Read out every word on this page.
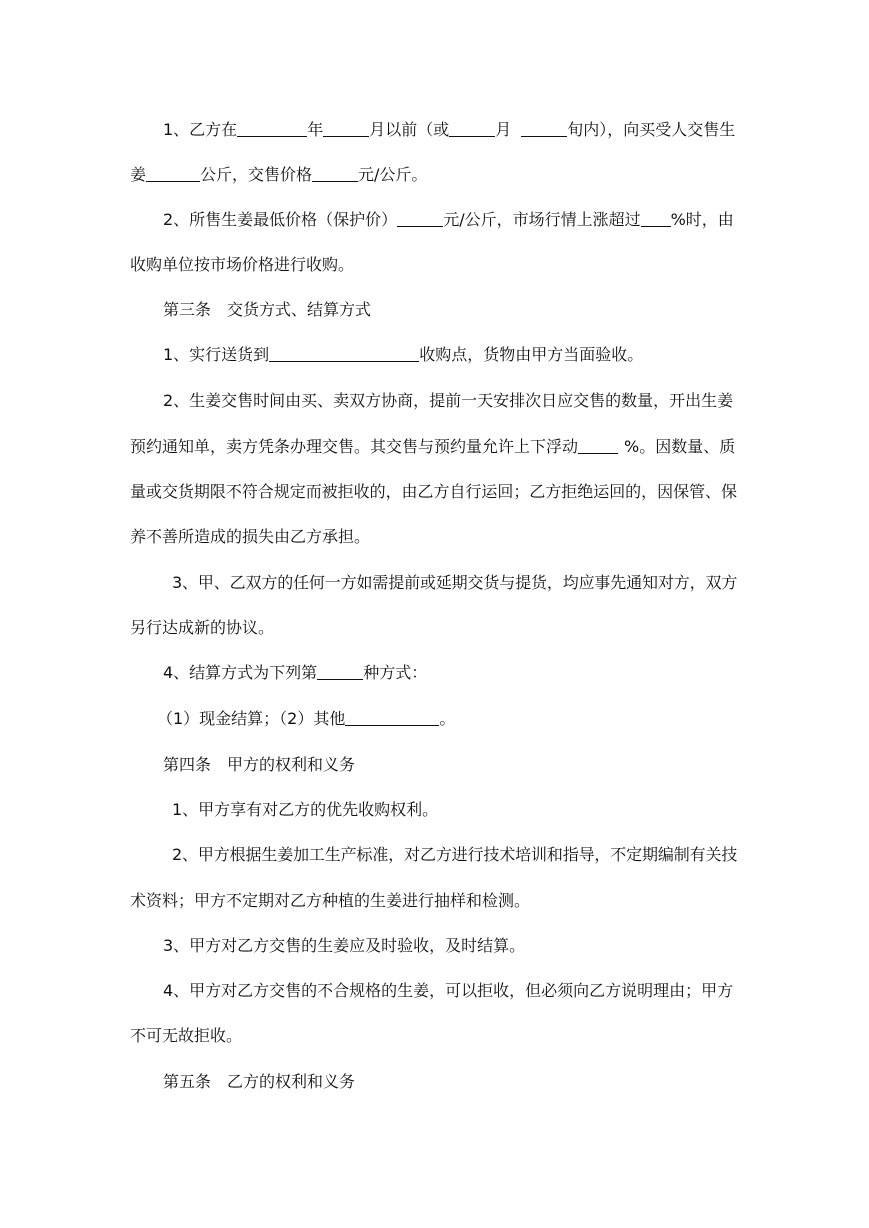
1、乙方在	年	月以前（或	月	旬内），向买受人交售生
姜	公斤，交售价格	元/公斤。
2、所售生姜最低价格（保护价）	元/公斤，市场行情上涨超过 %时，由
收购单位按市场价格进行收购。
第三条　交货方式、结算方式
1、实行送货到	收购点，货物由甲方当面验收。
2、生姜交售时间由买、卖双方协商，提前一天安排次日应交售的数量，开出生姜
预约通知单，卖方凭条办理交售。其交售与预约量允许上下浮动	%。因数量、质
量或交货期限不符合规定而被拒收的，由乙方自行运回；乙方拒绝运回的，因保管、保
养不善所造成的损失由乙方承担。
3、甲、乙双方的任何一方如需提前或延期交货与提货，均应事先通知对方，双方
另行达成新的协议。
4、结算方式为下列第	种方式：
（1）现金结算；（2）其他	。
第四条　甲方的权利和义务
1、甲方享有对乙方的优先收购权利。
2、甲方根据生姜加工生产标准，对乙方进行技术培训和指导，不定期编制有关技
术资料；甲方不定期对乙方种植的生姜进行抽样和检测。
3、甲方对乙方交售的生姜应及时验收，及时结算。
4、甲方对乙方交售的不合规格的生姜，可以拒收，但必须向乙方说明理由；甲方
不可无故拒收。
第五条　乙方的权利和义务
